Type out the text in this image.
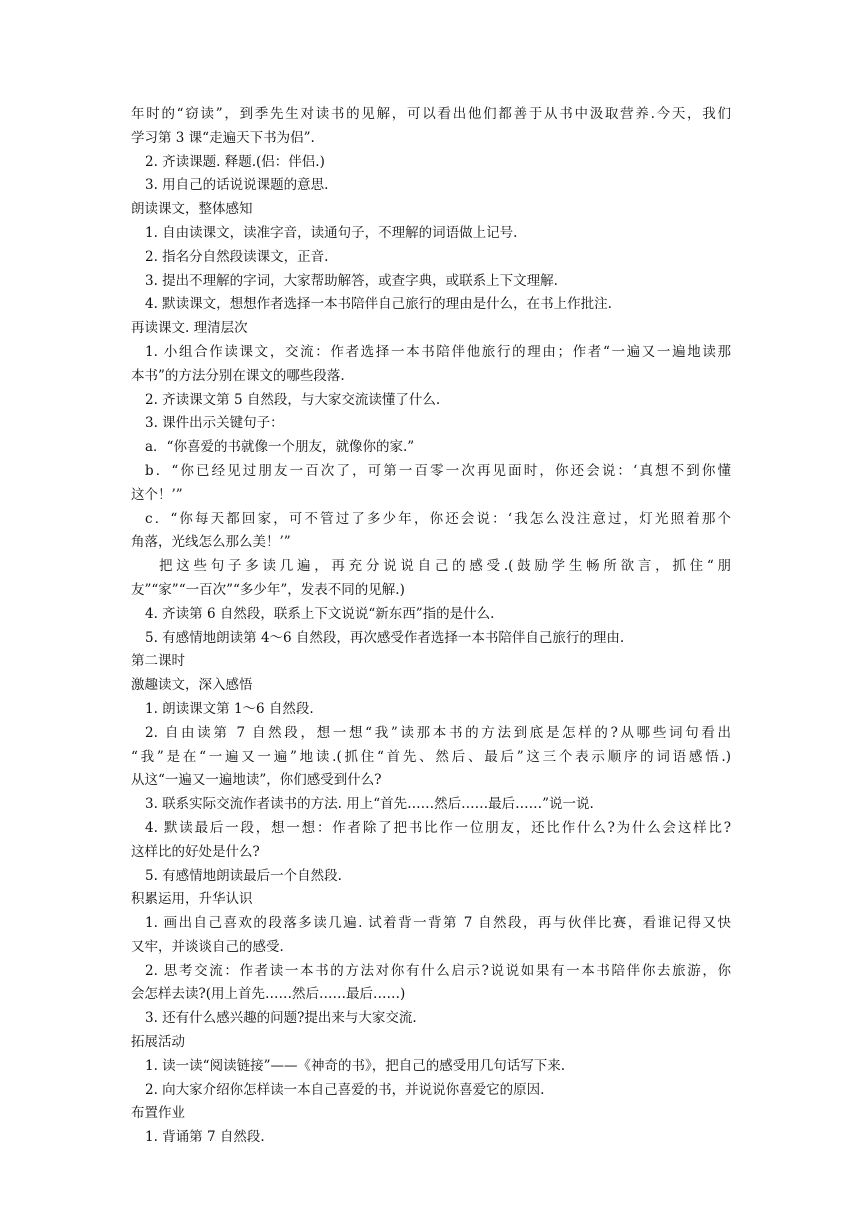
年时的“窃读”，到季先生对读书的见解，可以看出他们都善于从书中汲取营养.今天，我们
学习第 3 课“走遍天下书为侣”.
2. 齐读课题. 释题.(侣：伴侣.)
3. 用自己的话说说课题的意思.
朗读课文，整体感知
1. 自由读课文，读准字音，读通句子，不理解的词语做上记号.
2. 指名分自然段读课文，正音.
3. 提出不理解的字词，大家帮助解答，或查字典，或联系上下文理解.
4. 默读课文，想想作者选择一本书陪伴自己旅行的理由是什么，在书上作批注.
再读课文. 理清层次
1. 小组合作读课文，交流：作者选择一本书陪伴他旅行的理由；作者“一遍又一遍地读那
本书”的方法分别在课文的哪些段落.
2. 齐读课文第 5 自然段，与大家交流读懂了什么.
3. 课件出示关键句子：
a．“你喜爱的书就像一个朋友，就像你的家.”
b．“你已经见过朋友一百次了，可第一百零一次再见面时，你还会说：‘真想不到你懂
这个！’”
c．“你每天都回家，可不管过了多少年，你还会说：‘我怎么没注意过，灯光照着那个
角落，光线怎么那么美！’”
把这些句子多读几遍，再充分说说自己的感受.(鼓励学生畅所欲言，抓住“朋
友”“家”“一百次”“多少年”，发表不同的见解.)
4. 齐读第 6 自然段，联系上下文说说“新东西”指的是什么.
5. 有感情地朗读第 4～6 自然段，再次感受作者选择一本书陪伴自己旅行的理由.
第二课时
激趣读文，深入感悟
1. 朗读课文第 1～6 自然段.
2. 自由读第 7 自然段，想一想“我”读那本书的方法到底是怎样的?从哪些词句看出
“我”是在“一遍又一遍”地读.(抓住“首先、然后、最后”这三个表示顺序的词语感悟.)
从这“一遍又一遍地读”，你们感受到什么?
3. 联系实际交流作者读书的方法. 用上“首先……然后……最后……”说一说.
4. 默读最后一段，想一想：作者除了把书比作一位朋友，还比作什么?为什么会这样比?
这样比的好处是什么?
5. 有感情地朗读最后一个自然段.
积累运用，升华认识
1. 画出自己喜欢的段落多读几遍. 试着背一背第 7 自然段，再与伙伴比赛，看谁记得又快
又牢，并谈谈自己的感受.
2. 思考交流：作者读一本书的方法对你有什么启示?说说如果有一本书陪伴你去旅游，你
会怎样去读?(用上首先……然后……最后……)
3. 还有什么感兴趣的问题?提出来与大家交流.
拓展活动
1. 读一读“阅读链接”——《神奇的书》，把自己的感受用几句话写下来.
2. 向大家介绍你怎样读一本自己喜爱的书，并说说你喜爱它的原因.
布置作业
1. 背诵第 7 自然段.
